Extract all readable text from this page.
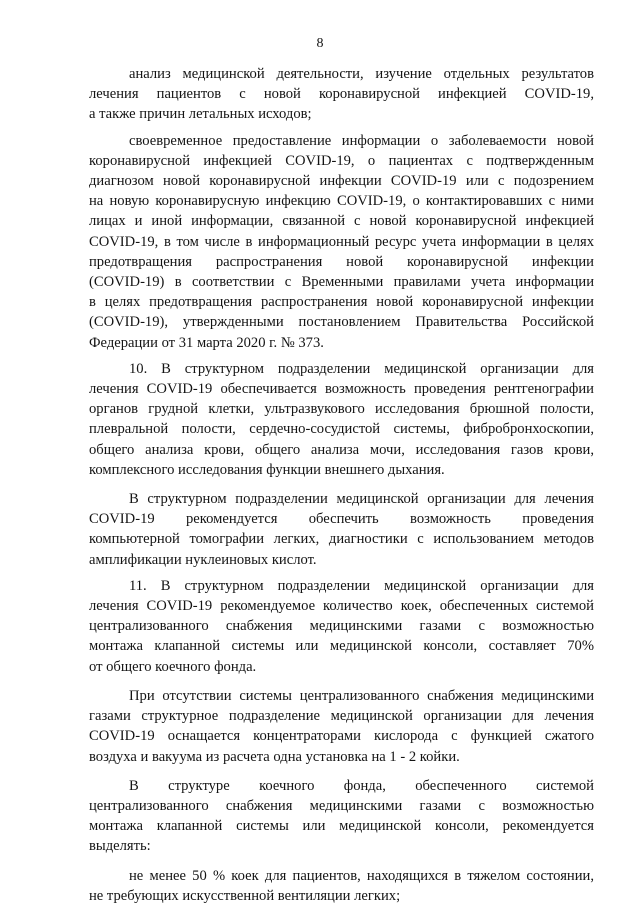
8

анализ медицинской деятельности, изучение отдельных результатов
лечения пациентов с новой коронавирусной инфекцией COVID-19,
а также причин летальных исходов;

своевременное предоставление информации о заболеваемости новой
коронавирусной инфекцией COVID-19, о пациентах с подтвержденным
диагнозом новой коронавирусной инфекции COVID-19 или с подозрением
на новую коронавирусную инфекцию COVID-19, о контактировавших с ними
лицах и иной информации, связанной с новой коронавирусной инфекцией
COVID-19, в том числе в информационный ресурс учета информации в целях
предотвращения распространения новой коронавирусной инфекции
(COVID-19) в соответствии с Временными правилами учета информации
в целях предотвращения распространения новой коронавирусной инфекции
(COVID-19), утвержденными постановлением Правительства Российской
Федерации от 31 марта 2020 г. № 373.

10. В структурном подразделении медицинской организации для
лечения COVID-19 обеспечивается возможность проведения рентгенографии
органов грудной клетки, ультразвукового исследования брюшной полости,
плевральной полости, сердечно-сосудистой системы, фибробронхоскопии,
общего анализа крови, общего анализа мочи, исследования газов крови,
комплексного исследования функции внешнего дыхания.

В структурном подразделении медицинской организации для лечения
COVID-19 рекомендуется обеспечить возможность проведения
компьютерной томографии легких, диагностики с использованием методов
амплификации нуклеиновых кислот.

11. В структурном подразделении медицинской организации для
лечения COVID-19 рекомендуемое количество коек, обеспеченных системой
централизованного снабжения медицинскими газами с возможностью
монтажа клапанной системы или медицинской консоли, составляет 70%
от общего коечного фонда.

При отсутствии системы централизованного снабжения медицинскими
газами структурное подразделение медицинской организации для лечения
COVID-19 оснащается концентраторами кислорода с функцией сжатого
воздуха и вакуума из расчета одна установка на 1 - 2 койки.

В структуре коечного фонда, обеспеченного системой
централизованного снабжения медицинскими газами с возможностью
монтажа клапанной системы или медицинской консоли, рекомендуется
выделять:

не менее 50 % коек для пациентов, находящихся в тяжелом состоянии,
не требующих искусственной вентиляции легких;
